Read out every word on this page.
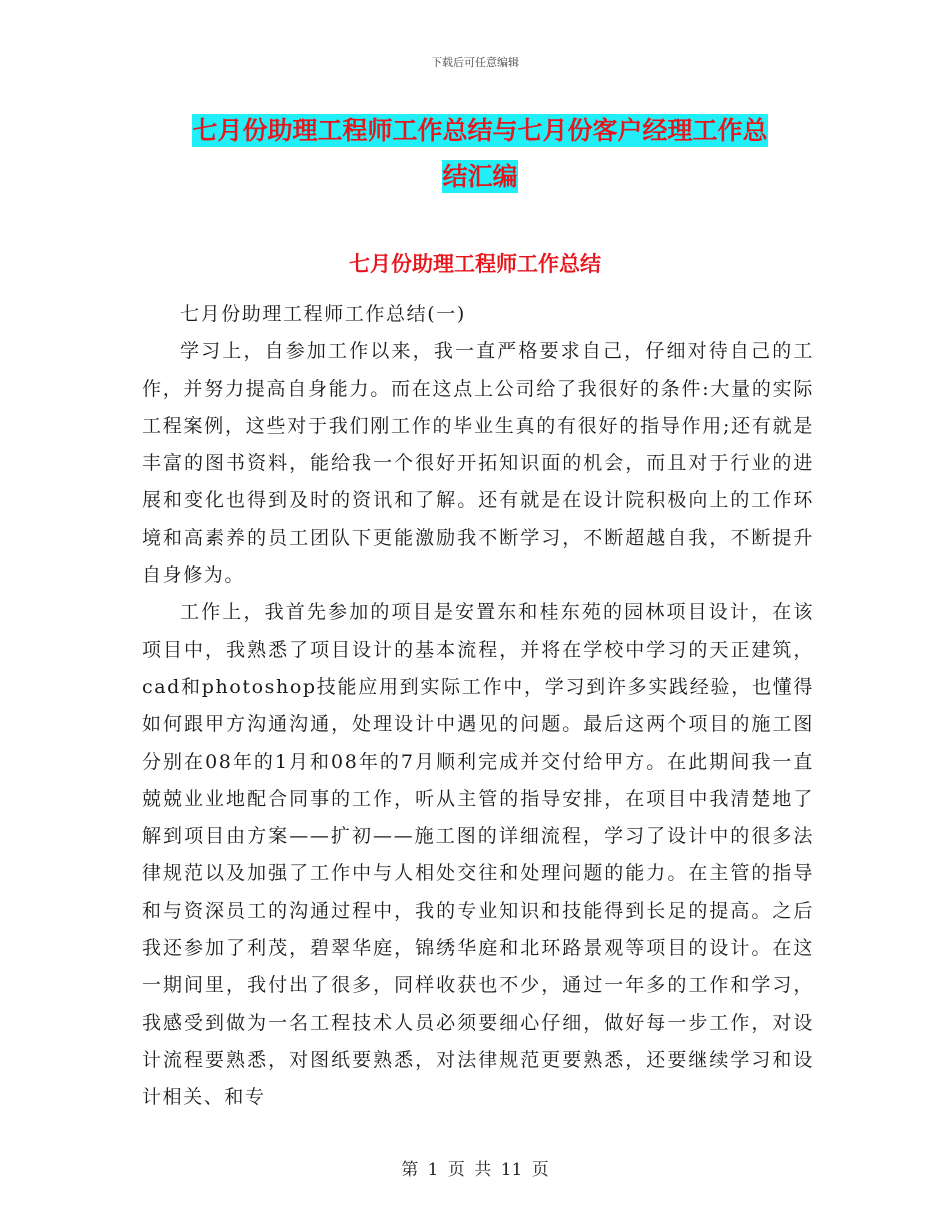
下载后可任意编辑
七月份助理工程师工作总结与七月份客户经理工作总
结汇编
七月份助理工程师工作总结

七月份助理工程师工作总结(一)

学习上，自参加工作以来，我一直严格要求自己，仔细对待自己的工作，并努力提高自身能力。而在这点上公司给了我很好的条件:大量的实际工程案例，这些对于我们刚工作的毕业生真的有很好的指导作用;还有就是丰富的图书资料，能给我一个很好开拓知识面的机会，而且对于行业的进展和变化也得到及时的资讯和了解。还有就是在设计院积极向上的工作环境和高素养的员工团队下更能激励我不断学习，不断超越自我，不断提升自身修为。

工作上，我首先参加的项目是安置东和桂东苑的园林项目设计，在该项目中，我熟悉了项目设计的基本流程，并将在学校中学习的天正建筑，cad和photoshop技能应用到实际工作中，学习到许多实践经验，也懂得如何跟甲方沟通沟通，处理设计中遇见的问题。最后这两个项目的施工图分别在08年的1月和08年的7月顺利完成并交付给甲方。在此期间我一直兢兢业业地配合同事的工作，听从主管的指导安排，在项目中我清楚地了解到项目由方案——扩初——施工图的详细流程，学习了设计中的很多法律规范以及加强了工作中与人相处交往和处理问题的能力。在主管的指导和与资深员工的沟通过程中，我的专业知识和技能得到长足的提高。之后我还参加了利茂，碧翠华庭，锦绣华庭和北环路景观等项目的设计。在这一期间里，我付出了很多，同样收获也不少，通过一年多的工作和学习，我感受到做为一名工程技术人员必须要细心仔细，做好每一步工作，对设计流程要熟悉，对图纸要熟悉，对法律规范更要熟悉，还要继续学习和设计相关、和专

第 1 页 共 11 页
